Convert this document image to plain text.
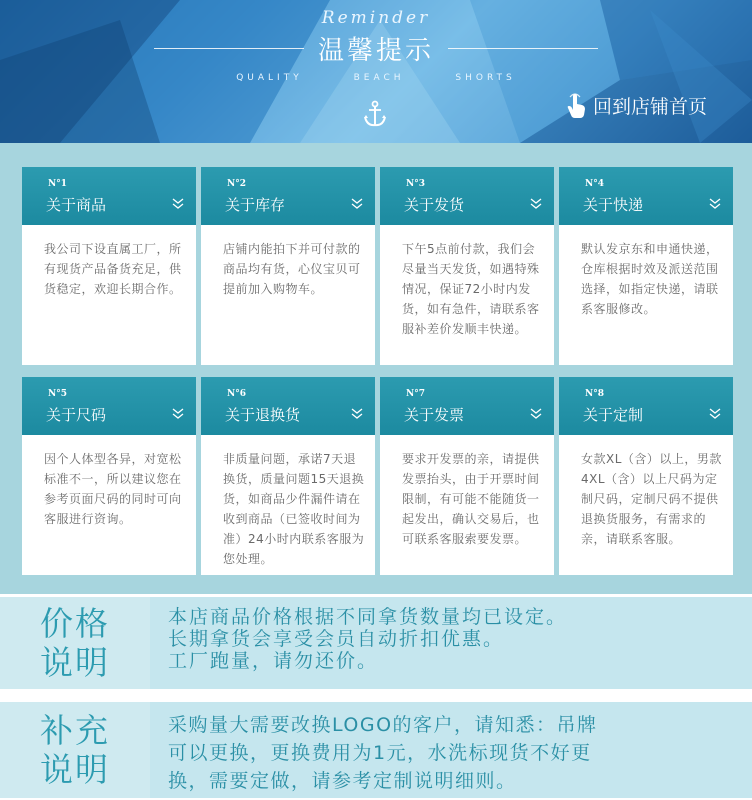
Reminder
温馨提示
QUALITY	BEACH	SHORTS
回到店铺首页
N°1
关于商品
我公司下设直属工厂，所有现货产品备货充足，供货稳定，欢迎长期合作。
N°2
关于库存
店铺内能拍下并可付款的商品均有货，心仪宝贝可提前加入购物车。
N°3
关于发货
下午5点前付款，我们会尽量当天发货，如遇特殊情况，保证72小时内发货，如有急件，请联系客服补差价发顺丰快递。
N°4
关于快递
默认发京东和申通快递，仓库根据时效及派送范围选择，如指定快递，请联系客服修改。
N°5
关于尺码
因个人体型各异，对宽松标准不一，所以建议您在参考页面尺码的同时可向客服进行资询。
N°6
关于退换货
非质量问题，承诺7天退换货，质量问题15天退换货，如商品少件漏件请在收到商品（已签收时间为准）24小时内联系客服为您处理。
N°7
关于发票
要求开发票的亲，请提供发票抬头，由于开票时间限制，有可能不能随货一起发出，确认交易后，也可联系客服索要发票。
N°8
关于定制
女款XL（含）以上，男款4XL（含）以上尺码为定制尺码，定制尺码不提供退换货服务，有需求的亲，请联系客服。
价格
说明
本店商品价格根据不同拿货数量均已设定。
长期拿货会享受会员自动折扣优惠。
工厂跑量，请勿还价。
补充
说明
采购量大需要改换LOGO的客户，请知悉：吊牌
可以更换，更换费用为1元，水洗标现货不好更
换，需要定做，请参考定制说明细则。
